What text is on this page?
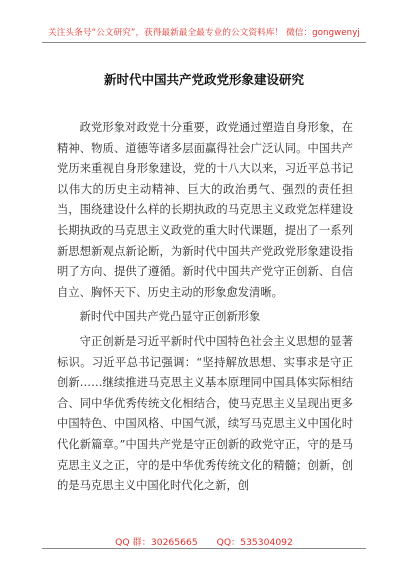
关注头条号“公文研究”，获得最新最全最专业的公文资料库！ 微信：gongwenyj
新时代中国共产党政党形象建设研究

政党形象对政党十分重要，政党通过塑造自身形象，在精神、物质、道德等诸多层面赢得社会广泛认同。中国共产党历来重视自身形象建设，党的十八大以来，习近平总书记以伟大的历史主动精神、巨大的政治勇气、强烈的责任担当，围绕建设什么样的长期执政的马克思主义政党怎样建设长期执政的马克思主义政党的重大时代课题，提出了一系列新思想新观点新论断，为新时代中国共产党政党形象建设指明了方向、提供了遵循。新时代中国共产党守正创新、自信自立、胸怀天下、历史主动的形象愈发清晰。

新时代中国共产党凸显守正创新形象

守正创新是习近平新时代中国特色社会主义思想的显著标识。习近平总书记强调：“坚持解放思想、实事求是守正创新……继续推进马克思主义基本原理同中国具体实际相结合、同中华优秀传统文化相结合，使马克思主义呈现出更多中国特色、中国风格、中国气派，续写马克思主义中国化时代化新篇章。”中国共产党是守正创新的政党守正，守的是马克思主义之正，守的是中华优秀传统文化的精髓；创新，创的是马克思主义中国化时代化之新，创

QQ 群：30265665 QQ：535304092
